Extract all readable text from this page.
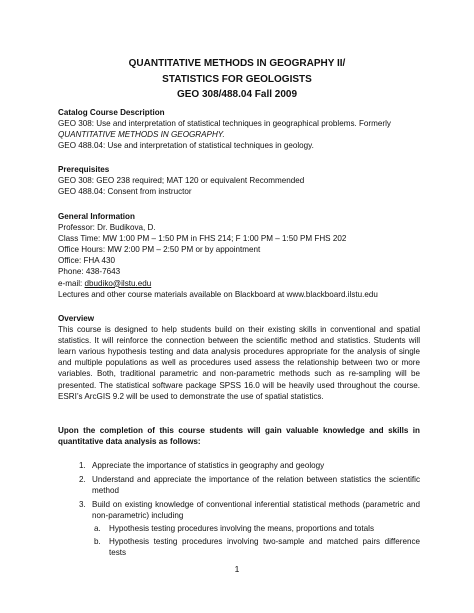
QUANTITATIVE METHODS IN GEOGRAPHY II/
STATISTICS FOR GEOLOGISTS
GEO 308/488.04 Fall 2009
Catalog Course Description
GEO 308: Use and interpretation of statistical techniques in geographical problems. Formerly
QUANTITATIVE METHODS IN GEOGRAPHY.
GEO 488.04: Use and interpretation of statistical techniques in geology.
Prerequisites
GEO 308: GEO 238 required; MAT 120 or equivalent Recommended
GEO 488.04: Consent from instructor
General Information
Professor: Dr. Budikova, D.
Class Time: MW 1:00 PM – 1:50 PM in FHS 214; F 1:00 PM – 1:50 PM FHS 202
Office Hours: MW 2:00 PM – 2:50 PM or by appointment
Office: FHA 430
Phone: 438-7643
e-mail: dbudiko@ilstu.edu
Lectures and other course materials available on Blackboard at www.blackboard.ilstu.edu
Overview
This course is designed to help students build on their existing skills in conventional and spatial statistics. It will reinforce the connection between the scientific method and statistics. Students will learn various hypothesis testing and data analysis procedures appropriate for the analysis of single and multiple populations as well as procedures used assess the relationship between two or more variables. Both, traditional parametric and non-parametric methods such as re-sampling will be presented. The statistical software package SPSS 16.0 will be heavily used throughout the course. ESRI’s ArcGIS 9.2 will be used to demonstrate the use of spatial statistics.
Upon the completion of this course students will gain valuable knowledge and skills in quantitative data analysis as follows:
1. Appreciate the importance of statistics in geography and geology
2. Understand and appreciate the importance of the relation between statistics the scientific method
3. Build on existing knowledge of conventional inferential statistical methods (parametric and non-parametric) including
a. Hypothesis testing procedures involving the means, proportions and totals
b. Hypothesis testing procedures involving two-sample and matched pairs difference tests
1
